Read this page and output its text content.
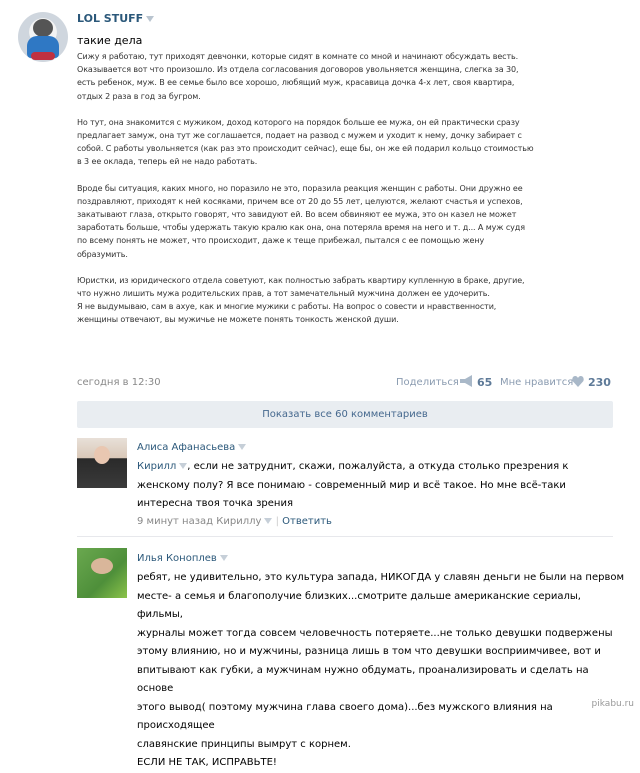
LOL STUFF
такие дела

Сижу я работаю, тут приходят девчонки, которые сидят в комнате со мной и начинают обсуждать весть. Оказывается вот что произошло. Из отдела согласования договоров увольняется женщина, слегка за 30, есть ребенок, муж. В ее семье было все хорошо, любящий муж, красавица дочка 4-х лет, своя квартира, отдых 2 раза в год за бугром.

Но тут, она знакомится с мужиком, доход которого на порядок больше ее мужа, он ей практически сразу предлагает замуж, она тут же соглашается, подает на развод с мужем и уходит к нему, дочку забирает с собой. С работы увольняется (как раз это происходит сейчас), еще бы, он же ей подарил кольцо стоимостью в 3 ее оклада, теперь ей не надо работать.

Вроде бы ситуация, каких много, но поразило не это, поразила реакция женщин с работы. Они дружно ее поздравляют, приходят к ней косяками, причем все от 20 до 55 лет, целуются, желают счастья и успехов, закатывают глаза, открыто говорят, что завидуют ей. Во всем обвиняют ее мужа, это он казел не может заработать больше, чтобы удержать такую кралю как она, она потеряла время на него и т. д... А муж судя по всему понять не может, что происходит, даже к теще прибежал, пытался с ее помощью жену образумить.

Юристки, из юридического отдела советуют, как полностью забрать квартиру купленную в браке, другие, что нужно лишить мужа родительских прав, а тот замечательный мужчина должен ее удочерить.

Я не выдумываю, сам в ахуе, как и многие мужики с работы. На вопрос о совести и нравственности, женщины отвечают, вы мужичье не можете понять тонкость женской души.

сегодня в 12:30	Поделиться 65 Мне нравится 230
Показать все 60 комментариев
Алиса Афанасьева
Кирилл , если не затруднит, скажи, пожалуйста, а откуда столько презрения к женскому полу? Я все понимаю - современный мир и всё такое. Но мне всё-таки интересна твоя точка зрения
9 минут назад Кириллу | Ответить
Илья Коноплев
ребят, не удивительно, это культура запада, НИКОГДА у славян деньги не были на первом
месте- а семья и благополучие близких...смотрите дальше американские сериалы, фильмы,
журналы может тогда совсем человечность потеряете...не только девушки подвержены
этому влиянию, но и мужчины, разница лишь в том что девушки восприимчивее, вот и
впитывают как губки, а мужчинам нужно обдумать, проанализировать и сделать на основе
этого вывод( поэтому мужчина глава своего дома)...без мужского влияния на происходящее
славянские принципы вымрут с корнем.
ЕСЛИ НЕ ТАК, ИСПРАВЬТЕ!
pikabu.ru
